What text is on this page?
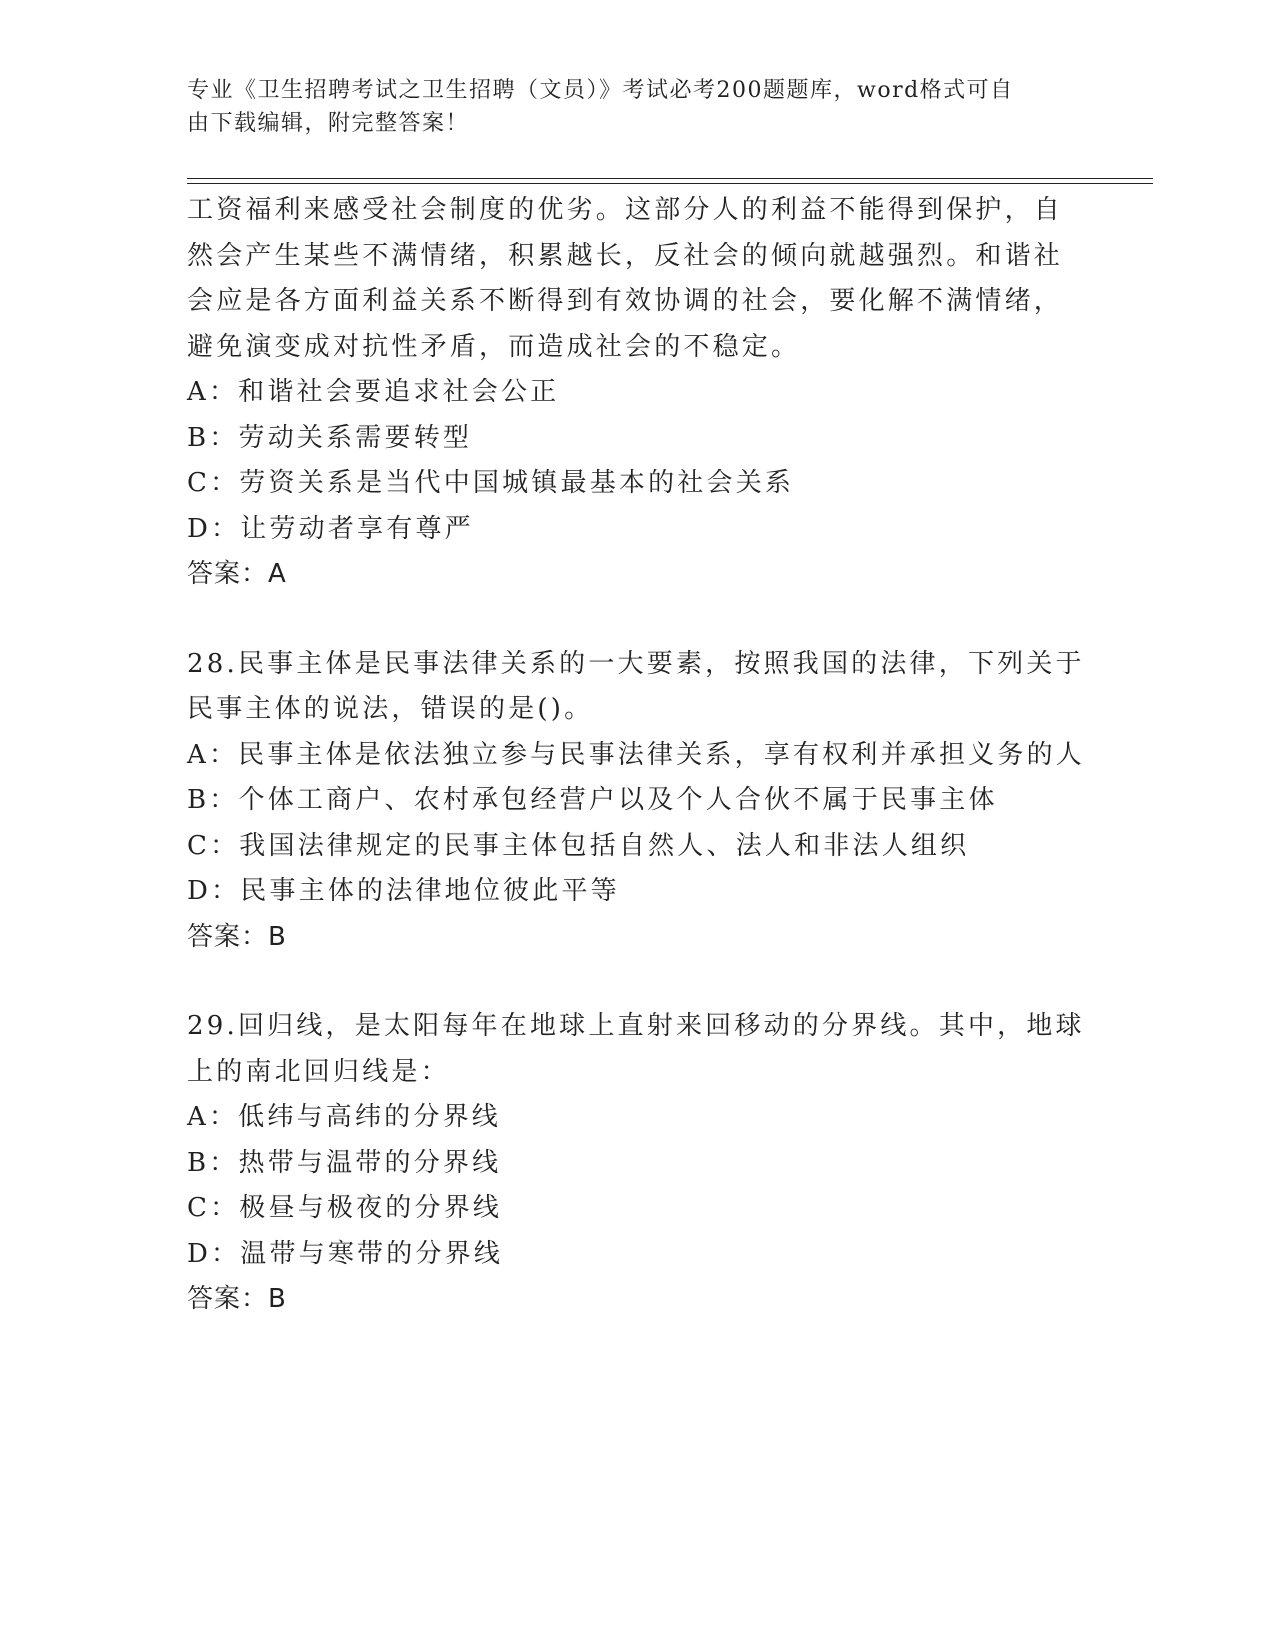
专业《卫生招聘考试之卫生招聘（文员）》考试必考200题题库，word格式可自
由下载编辑，附完整答案！
工资福利来感受社会制度的优劣。这部分人的利益不能得到保护，自
然会产生某些不满情绪，积累越长，反社会的倾向就越强烈。和谐社
会应是各方面利益关系不断得到有效协调的社会，要化解不满情绪，
避免演变成对抗性矛盾，而造成社会的不稳定。
A：和谐社会要追求社会公正
B：劳动关系需要转型
C：劳资关系是当代中国城镇最基本的社会关系
D：让劳动者享有尊严
答案：A
28.民事主体是民事法律关系的一大要素，按照我国的法律，下列关于
民事主体的说法，错误的是()。
A：民事主体是依法独立参与民事法律关系，享有权利并承担义务的人
B：个体工商户、农村承包经营户以及个人合伙不属于民事主体
C：我国法律规定的民事主体包括自然人、法人和非法人组织
D：民事主体的法律地位彼此平等
答案：B
29.回归线，是太阳每年在地球上直射来回移动的分界线。其中，地球
上的南北回归线是：
A：低纬与高纬的分界线
B：热带与温带的分界线
C：极昼与极夜的分界线
D：温带与寒带的分界线
答案：B
